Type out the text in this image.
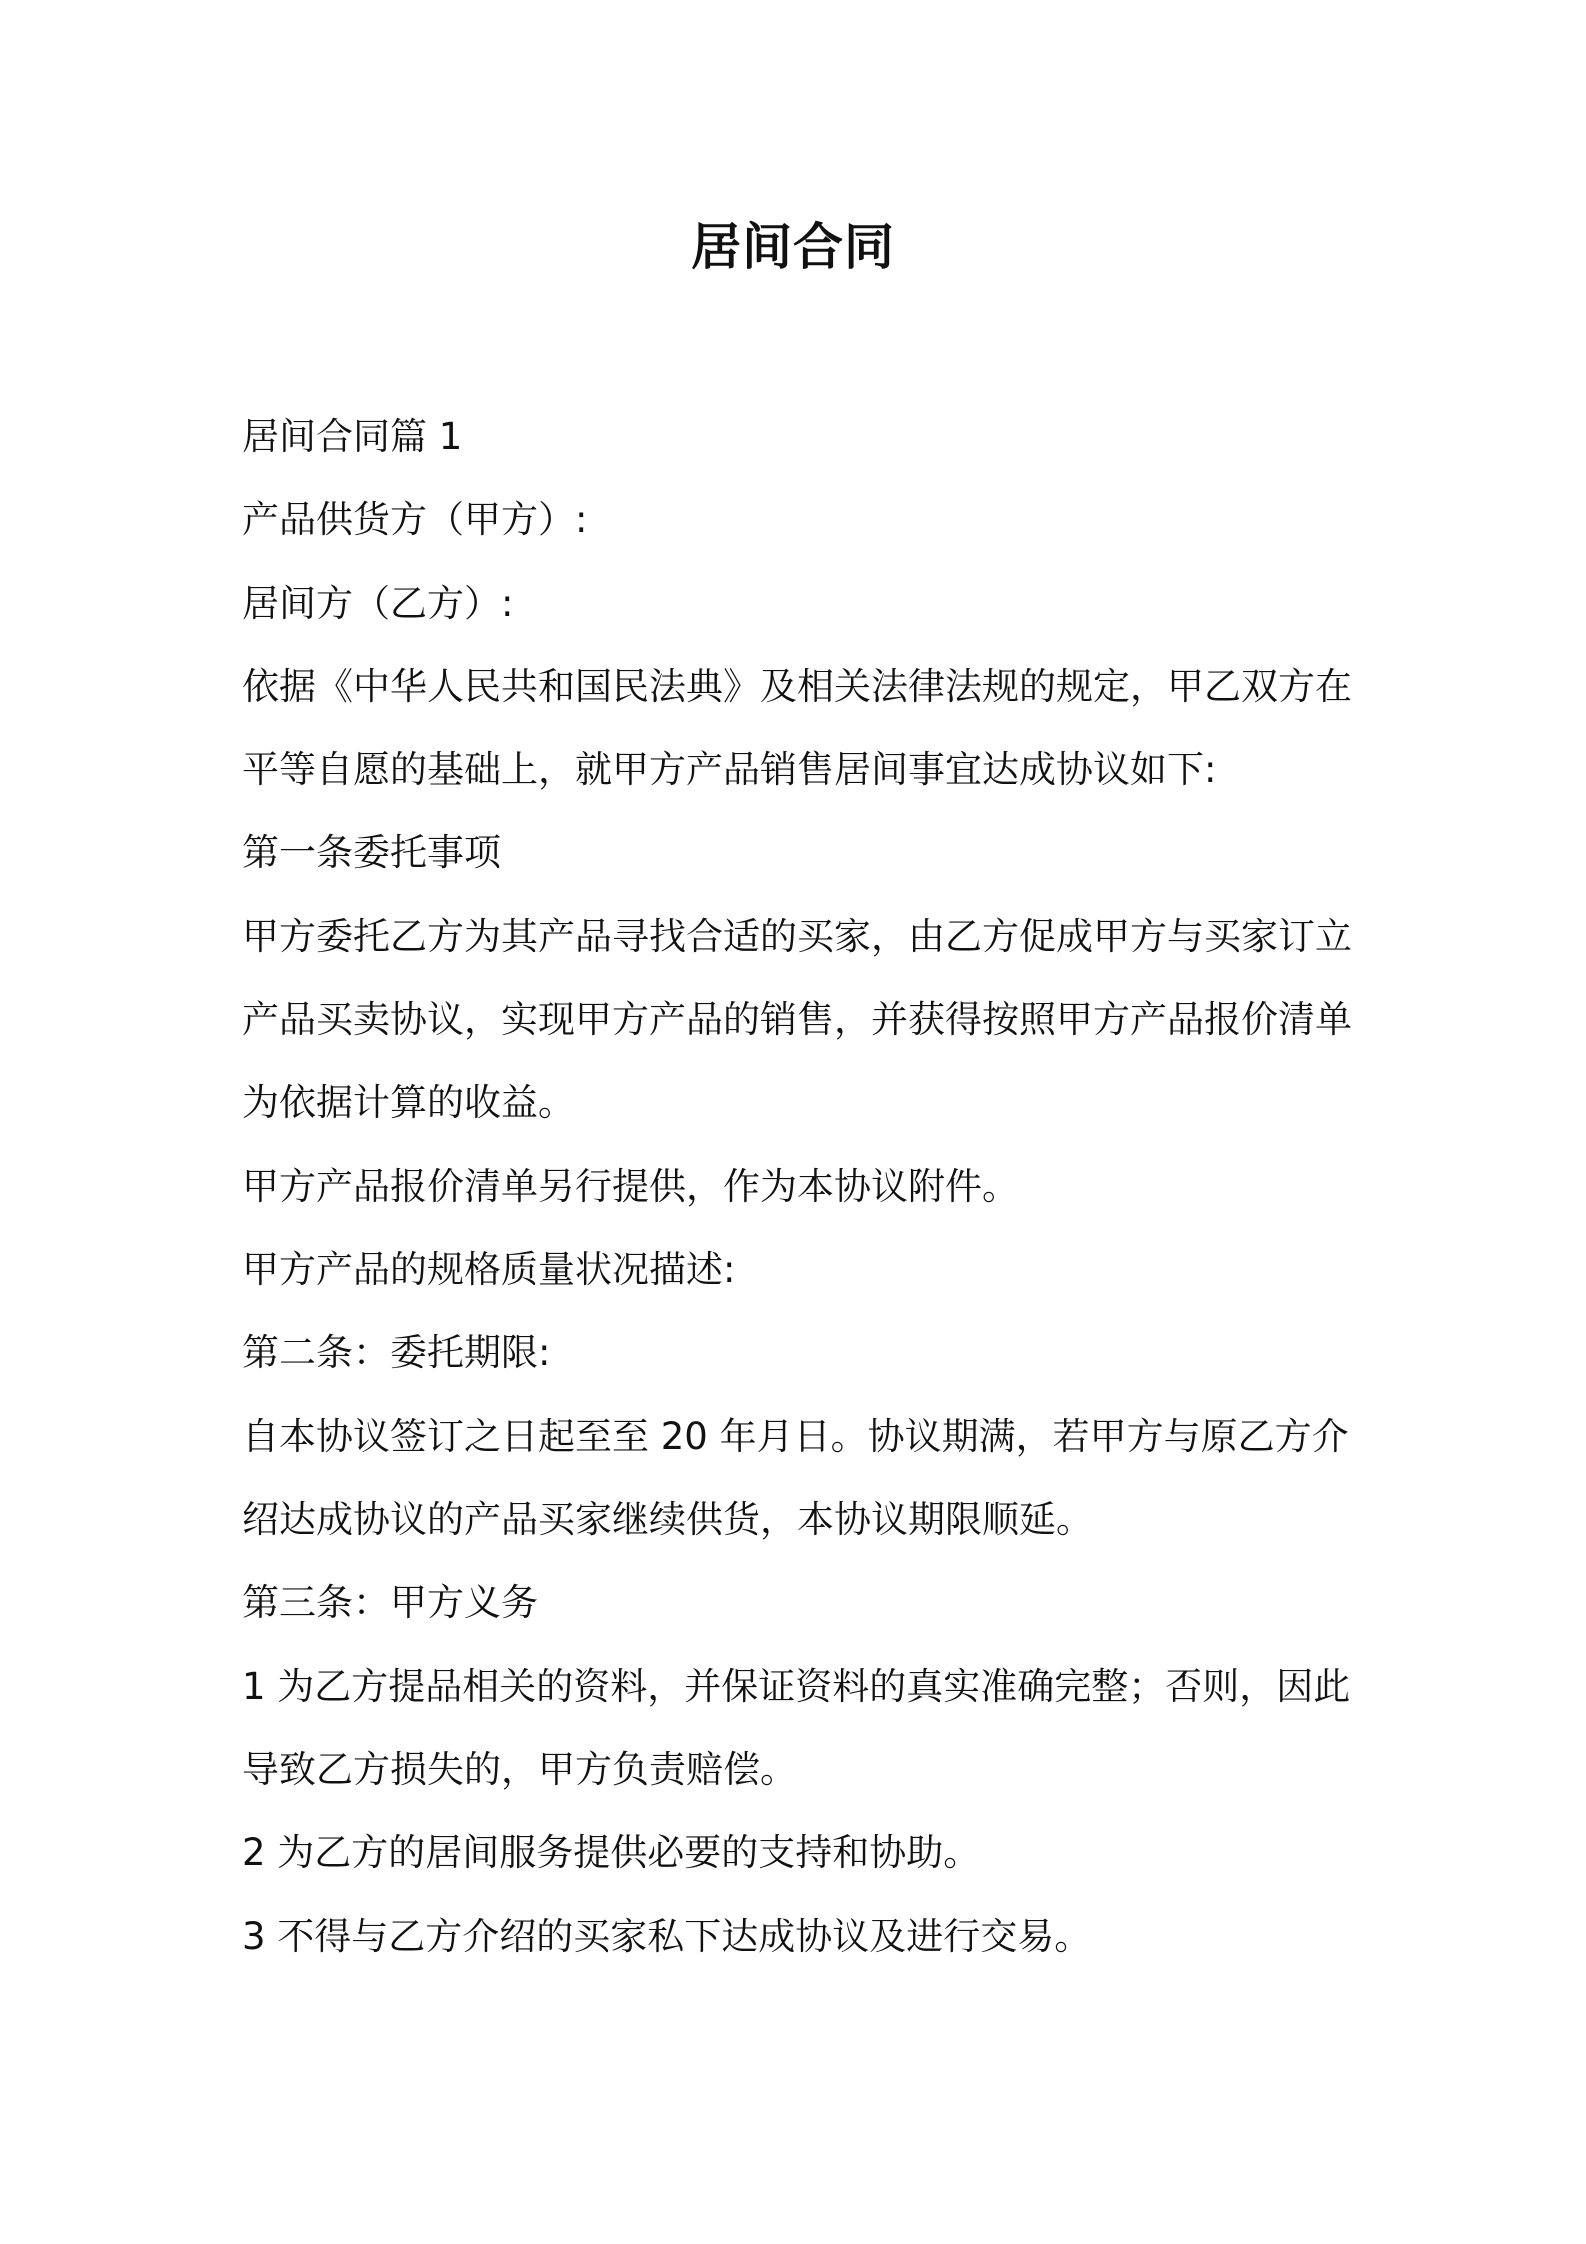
居间合同
居间合同篇 1
产品供货方（甲方）:
居间方（乙方）:
依据《中华人民共和国民法典》及相关法律法规的规定，甲乙双方在
平等自愿的基础上，就甲方产品销售居间事宜达成协议如下:
第一条委托事项
甲方委托乙方为其产品寻找合适的买家，由乙方促成甲方与买家订立
产品买卖协议，实现甲方产品的销售，并获得按照甲方产品报价清单
为依据计算的收益。
甲方产品报价清单另行提供，作为本协议附件。
甲方产品的规格质量状况描述:
第二条：委托期限:
自本协议签订之日起至至 20 年月日。协议期满，若甲方与原乙方介
绍达成协议的产品买家继续供货，本协议期限顺延。
第三条：甲方义务
1 为乙方提品相关的资料，并保证资料的真实准确完整；否则，因此
导致乙方损失的，甲方负责赔偿。
2 为乙方的居间服务提供必要的支持和协助。
3 不得与乙方介绍的买家私下达成协议及进行交易。
